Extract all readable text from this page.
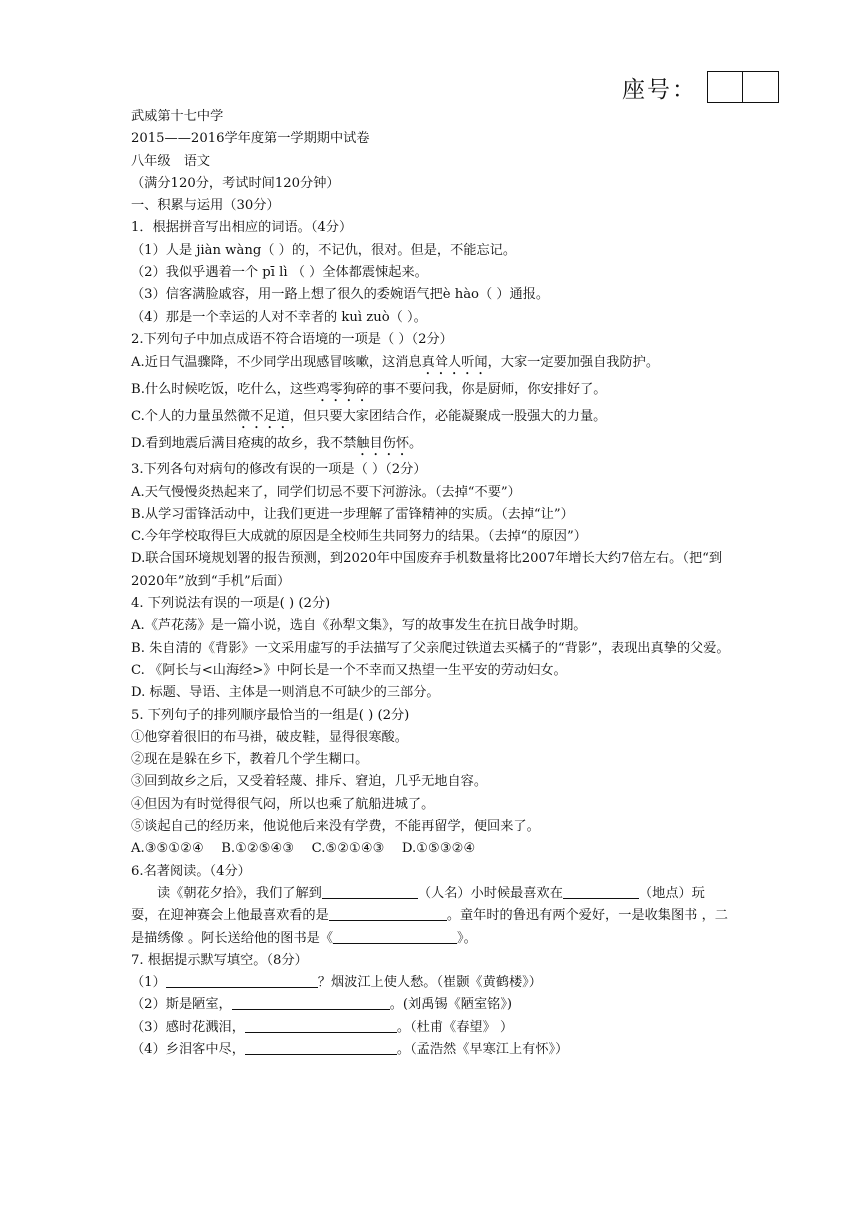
座号：
武威第十七中学
2015——2016学年度第一学期期中试卷
八年级　语文
（满分120分，考试时间120分钟）
一、积累与运用（30分）
1．根据拼音写出相应的词语。（4分）
（1）人是 jiàn wàng（ ）的，不记仇，很对。但是，不能忘记。
（2）我似乎遇着一个 pī lì （ ）全体都震悚起来。
（3）信客满脸戚容，用一路上想了很久的委婉语气把è hào（ ）通报。
（4）那是一个幸运的人对不幸者的 kuì zuò（ ）。
2.下列句子中加点成语不符合语境的一项是（ ）（2分）
A.近日气温骤降，不少同学出现感冒咳嗽，这消息真耸人听闻，大家一定要加强自我防护。
B.什么时候吃饭，吃什么，这些鸡零狗碎的事不要问我，你是厨师，你安排好了。
C.个人的力量虽然微不足道，但只要大家团结合作，必能凝聚成一股强大的力量。
D.看到地震后满目疮痍的故乡，我不禁触目伤怀。
3.下列各句对病句的修改有误的一项是（ ）（2分）
A.天气慢慢炎热起来了，同学们切忌不要下河游泳。（去掉“不要”）
B.从学习雷锋活动中，让我们更进一步理解了雷锋精神的实质。（去掉“让”）
C.今年学校取得巨大成就的原因是全校师生共同努力的结果。（去掉“的原因”）
D.联合国环境规划署的报告预测，到2020年中国废弃手机数量将比2007年增长大约7倍左右。（把“到2020年”放到“手机”后面）
4. 下列说法有误的一项是( ) (2分)
A.《芦花荡》是一篇小说，选自《孙犁文集》，写的故事发生在抗日战争时期。
B. 朱自清的《背影》一文采用虚写的手法描写了父亲爬过铁道去买橘子的“背影”，表现出真挚的父爱。
C. 《阿长与<山海经>》中阿长是一个不幸而又热望一生平安的劳动妇女。
D. 标题、导语、主体是一则消息不可缺少的三部分。
5. 下列句子的排列顺序最恰当的一组是( ) (2分)
①他穿着很旧的布马褂，破皮鞋，显得很寒酸。
②现在是躲在乡下，教着几个学生糊口。
③回到故乡之后，又受着轻蔑、排斥、窘迫，几乎无地自容。
④但因为有时觉得很气闷，所以也乘了航船进城了。
⑤谈起自己的经历来，他说他后来没有学费，不能再留学，便回来了。
A.③⑤①②④　 B.①②⑤④③　 C.⑤②①④③　 D.①⑤③②④
6.名著阅读。（4分）
读《朝花夕拾》，我们了解到	（人名）小时候最喜欢在	（地点）玩耍，在迎神赛会上他最喜欢看的是	。童年时的鲁迅有两个爱好，一是收集图书 ，二是描绣像 。阿长送给他的图书是《	》。
7. 根据提示默写填空。（8分）
（1）	？烟波江上使人愁。（崔颢《黄鹤楼》）
（2）斯是陋室，	。(刘禹锡《陋室铭》)
（3）感时花溅泪，	。（杜甫《春望》 ）
（4）乡泪客中尽，	。（孟浩然《早寒江上有怀》）
